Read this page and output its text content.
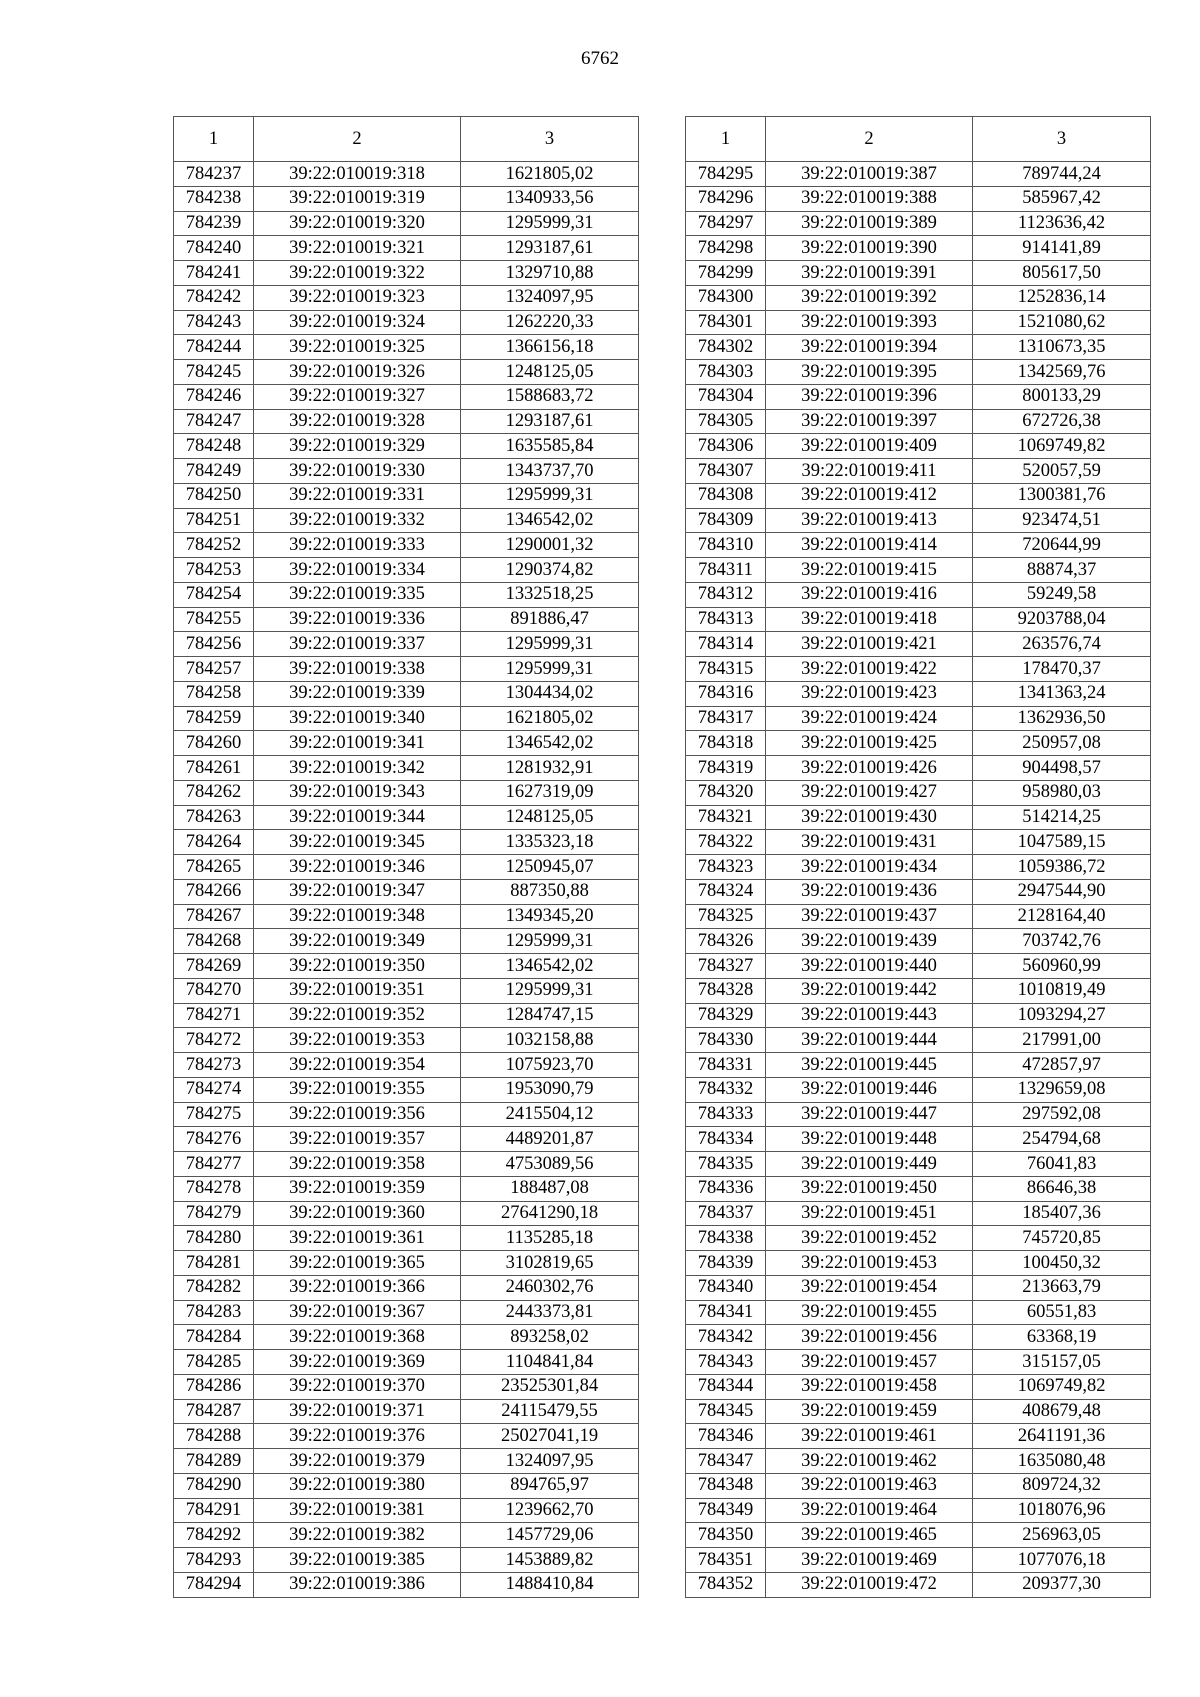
6762
1	2	3
784237	39:22:010019:318	1621805,02
784238	39:22:010019:319	1340933,56
784239	39:22:010019:320	1295999,31
784240	39:22:010019:321	1293187,61
784241	39:22:010019:322	1329710,88
784242	39:22:010019:323	1324097,95
784243	39:22:010019:324	1262220,33
784244	39:22:010019:325	1366156,18
784245	39:22:010019:326	1248125,05
784246	39:22:010019:327	1588683,72
784247	39:22:010019:328	1293187,61
784248	39:22:010019:329	1635585,84
784249	39:22:010019:330	1343737,70
784250	39:22:010019:331	1295999,31
784251	39:22:010019:332	1346542,02
784252	39:22:010019:333	1290001,32
784253	39:22:010019:334	1290374,82
784254	39:22:010019:335	1332518,25
784255	39:22:010019:336	891886,47
784256	39:22:010019:337	1295999,31
784257	39:22:010019:338	1295999,31
784258	39:22:010019:339	1304434,02
784259	39:22:010019:340	1621805,02
784260	39:22:010019:341	1346542,02
784261	39:22:010019:342	1281932,91
784262	39:22:010019:343	1627319,09
784263	39:22:010019:344	1248125,05
784264	39:22:010019:345	1335323,18
784265	39:22:010019:346	1250945,07
784266	39:22:010019:347	887350,88
784267	39:22:010019:348	1349345,20
784268	39:22:010019:349	1295999,31
784269	39:22:010019:350	1346542,02
784270	39:22:010019:351	1295999,31
784271	39:22:010019:352	1284747,15
784272	39:22:010019:353	1032158,88
784273	39:22:010019:354	1075923,70
784274	39:22:010019:355	1953090,79
784275	39:22:010019:356	2415504,12
784276	39:22:010019:357	4489201,87
784277	39:22:010019:358	4753089,56
784278	39:22:010019:359	188487,08
784279	39:22:010019:360	27641290,18
784280	39:22:010019:361	1135285,18
784281	39:22:010019:365	3102819,65
784282	39:22:010019:366	2460302,76
784283	39:22:010019:367	2443373,81
784284	39:22:010019:368	893258,02
784285	39:22:010019:369	1104841,84
784286	39:22:010019:370	23525301,84
784287	39:22:010019:371	24115479,55
784288	39:22:010019:376	25027041,19
784289	39:22:010019:379	1324097,95
784290	39:22:010019:380	894765,97
784291	39:22:010019:381	1239662,70
784292	39:22:010019:382	1457729,06
784293	39:22:010019:385	1453889,82
784294	39:22:010019:386	1488410,84
1	2	3
784295	39:22:010019:387	789744,24
784296	39:22:010019:388	585967,42
784297	39:22:010019:389	1123636,42
784298	39:22:010019:390	914141,89
784299	39:22:010019:391	805617,50
784300	39:22:010019:392	1252836,14
784301	39:22:010019:393	1521080,62
784302	39:22:010019:394	1310673,35
784303	39:22:010019:395	1342569,76
784304	39:22:010019:396	800133,29
784305	39:22:010019:397	672726,38
784306	39:22:010019:409	1069749,82
784307	39:22:010019:411	520057,59
784308	39:22:010019:412	1300381,76
784309	39:22:010019:413	923474,51
784310	39:22:010019:414	720644,99
784311	39:22:010019:415	88874,37
784312	39:22:010019:416	59249,58
784313	39:22:010019:418	9203788,04
784314	39:22:010019:421	263576,74
784315	39:22:010019:422	178470,37
784316	39:22:010019:423	1341363,24
784317	39:22:010019:424	1362936,50
784318	39:22:010019:425	250957,08
784319	39:22:010019:426	904498,57
784320	39:22:010019:427	958980,03
784321	39:22:010019:430	514214,25
784322	39:22:010019:431	1047589,15
784323	39:22:010019:434	1059386,72
784324	39:22:010019:436	2947544,90
784325	39:22:010019:437	2128164,40
784326	39:22:010019:439	703742,76
784327	39:22:010019:440	560960,99
784328	39:22:010019:442	1010819,49
784329	39:22:010019:443	1093294,27
784330	39:22:010019:444	217991,00
784331	39:22:010019:445	472857,97
784332	39:22:010019:446	1329659,08
784333	39:22:010019:447	297592,08
784334	39:22:010019:448	254794,68
784335	39:22:010019:449	76041,83
784336	39:22:010019:450	86646,38
784337	39:22:010019:451	185407,36
784338	39:22:010019:452	745720,85
784339	39:22:010019:453	100450,32
784340	39:22:010019:454	213663,79
784341	39:22:010019:455	60551,83
784342	39:22:010019:456	63368,19
784343	39:22:010019:457	315157,05
784344	39:22:010019:458	1069749,82
784345	39:22:010019:459	408679,48
784346	39:22:010019:461	2641191,36
784347	39:22:010019:462	1635080,48
784348	39:22:010019:463	809724,32
784349	39:22:010019:464	1018076,96
784350	39:22:010019:465	256963,05
784351	39:22:010019:469	1077076,18
784352	39:22:010019:472	209377,30
